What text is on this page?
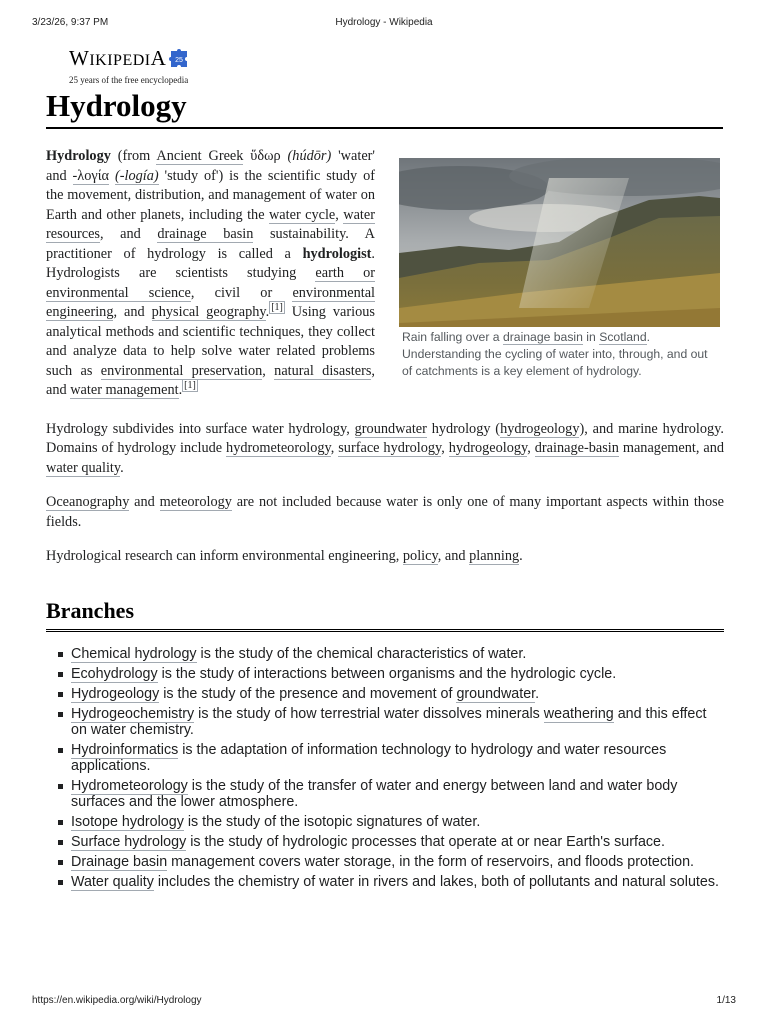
3/23/26, 9:37 PM	Hydrology - Wikipedia
WIKIPEDIA 25
25 years of the free encyclopedia
Hydrology
Rain falling over a drainage basin in Scotland. Understanding the cycling of water into, through, and out of catchments is a key element of hydrology.

Hydrology (from Ancient Greek ὕδωρ (húdōr) 'water' and -λογία (-logía) 'study of') is the scientific study of the movement, distribution, and management of water on Earth and other planets, including the water cycle, water resources, and drainage basin sustainability. A practitioner of hydrology is called a hydrologist. Hydrologists are scientists studying earth or environmental science, civil or environmental engineering, and physical geography. [1] Using various analytical methods and scientific techniques, they collect and analyze data to help solve water related problems such as environmental preservation, natural disasters, and water management. [1]

Hydrology subdivides into surface water hydrology, groundwater hydrology (hydrogeology), and marine hydrology. Domains of hydrology include hydrometeorology, surface hydrology, hydrogeology, drainage-basin management, and water quality.

Oceanography and meteorology are not included because water is only one of many important aspects within those fields.

Hydrological research can inform environmental engineering, policy, and planning.

Branches
Chemical hydrology is the study of the chemical characteristics of water.
Ecohydrology is the study of interactions between organisms and the hydrologic cycle.
Hydrogeology is the study of the presence and movement of groundwater.
Hydrogeochemistry is the study of how terrestrial water dissolves minerals weathering and this effect on water chemistry.
Hydroinformatics is the adaptation of information technology to hydrology and water resources applications.
Hydrometeorology is the study of the transfer of water and energy between land and water body surfaces and the lower atmosphere.
Isotope hydrology is the study of the isotopic signatures of water.
Surface hydrology is the study of hydrologic processes that operate at or near Earth's surface.
Drainage basin management covers water storage, in the form of reservoirs, and floods protection.
Water quality includes the chemistry of water in rivers and lakes, both of pollutants and natural solutes.
https://en.wikipedia.org/wiki/Hydrology	1/13
